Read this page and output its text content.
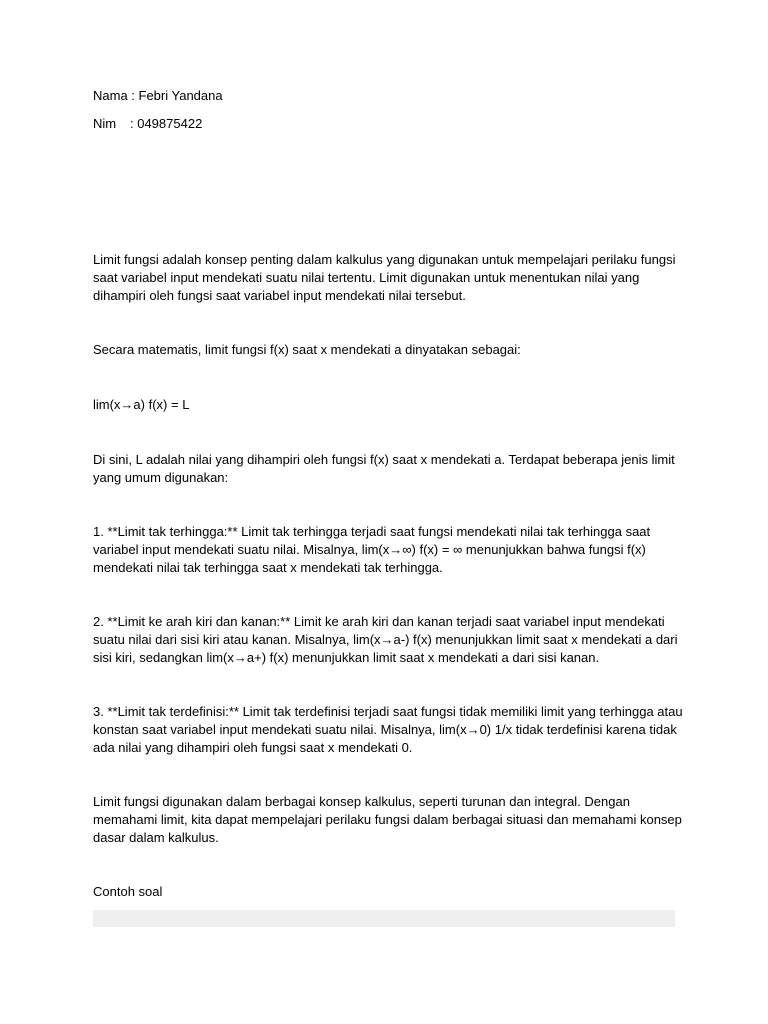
Nama : Febri Yandana
Nim : 049875422
Limit fungsi adalah konsep penting dalam kalkulus yang digunakan untuk mempelajari perilaku fungsi saat variabel input mendekati suatu nilai tertentu. Limit digunakan untuk menentukan nilai yang dihampiri oleh fungsi saat variabel input mendekati nilai tersebut.
Secara matematis, limit fungsi f(x) saat x mendekati a dinyatakan sebagai:
lim(x→a) f(x) = L
Di sini, L adalah nilai yang dihampiri oleh fungsi f(x) saat x mendekati a. Terdapat beberapa jenis limit yang umum digunakan:
1. **Limit tak terhingga:** Limit tak terhingga terjadi saat fungsi mendekati nilai tak terhingga saat variabel input mendekati suatu nilai. Misalnya, lim(x→∞) f(x) = ∞ menunjukkan bahwa fungsi f(x) mendekati nilai tak terhingga saat x mendekati tak terhingga.
2. **Limit ke arah kiri dan kanan:** Limit ke arah kiri dan kanan terjadi saat variabel input mendekati suatu nilai dari sisi kiri atau kanan. Misalnya, lim(x→a-) f(x) menunjukkan limit saat x mendekati a dari sisi kiri, sedangkan lim(x→a+) f(x) menunjukkan limit saat x mendekati a dari sisi kanan.
3. **Limit tak terdefinisi:** Limit tak terdefinisi terjadi saat fungsi tidak memiliki limit yang terhingga atau konstan saat variabel input mendekati suatu nilai. Misalnya, lim(x→0) 1/x tidak terdefinisi karena tidak ada nilai yang dihampiri oleh fungsi saat x mendekati 0.
Limit fungsi digunakan dalam berbagai konsep kalkulus, seperti turunan dan integral. Dengan memahami limit, kita dapat mempelajari perilaku fungsi dalam berbagai situasi dan memahami konsep dasar dalam kalkulus.
Contoh soal
